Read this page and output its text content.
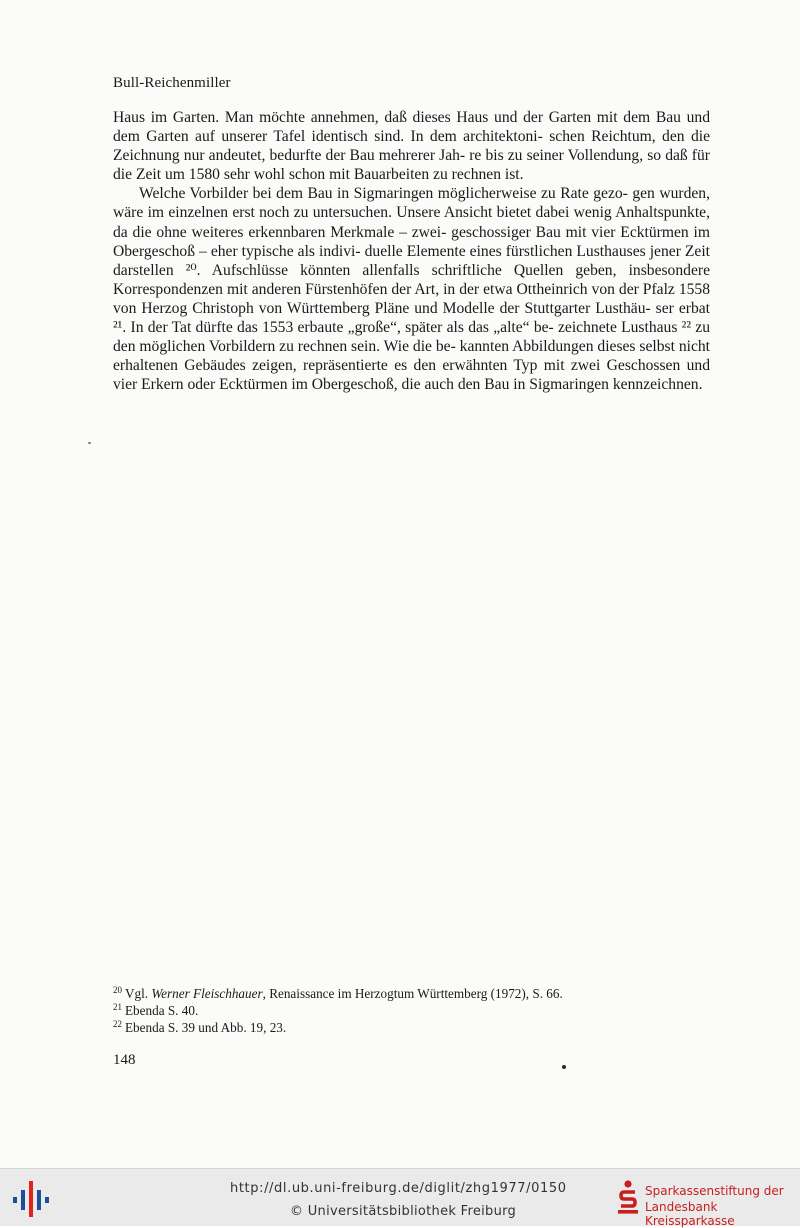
Bull-Reichenmiller

Haus im Garten. Man möchte annehmen, daß dieses Haus und der Garten mit dem Bau und dem Garten auf unserer Tafel identisch sind. In dem architektoni- schen Reichtum, den die Zeichnung nur andeutet, bedurfte der Bau mehrerer Jah- re bis zu seiner Vollendung, so daß für die Zeit um 1580 sehr wohl schon mit Bauarbeiten zu rechnen ist.

Welche Vorbilder bei dem Bau in Sigmaringen möglicherweise zu Rate gezo- gen wurden, wäre im einzelnen erst noch zu untersuchen. Unsere Ansicht bietet dabei wenig Anhaltspunkte, da die ohne weiteres erkennbaren Merkmale – zwei- geschossiger Bau mit vier Ecktürmen im Obergeschoß – eher typische als indivi- duelle Elemente eines fürstlichen Lusthauses jener Zeit darstellen ²⁰. Aufschlüsse könnten allenfalls schriftliche Quellen geben, insbesondere Korrespondenzen mit anderen Fürstenhöfen der Art, in der etwa Ottheinrich von der Pfalz 1558 von Herzog Christoph von Württemberg Pläne und Modelle der Stuttgarter Lusthäu- ser erbat ²¹. In der Tat dürfte das 1553 erbaute „große“, später als das „alte“ be- zeichnete Lusthaus ²² zu den möglichen Vorbildern zu rechnen sein. Wie die be- kannten Abbildungen dieses selbst nicht erhaltenen Gebäudes zeigen, repräsentierte es den erwähnten Typ mit zwei Geschossen und vier Erkern oder Ecktürmen im Obergeschoß, die auch den Bau in Sigmaringen kennzeichnen.

$^{20}$ Vgl. Werner Fleischhauer, Renaissance im Herzogtum Württemberg (1972), S. 66.
$^{21}$ Ebenda S. 40.
$^{22}$ Ebenda S. 39 und Abb. 19, 23.
148
http://dl.ub.uni-freiburg.de/diglit/zhg1977/0150
© Universitätsbibliothek Freiburg
Sparkassenstiftung der
Landesbank Kreissparkasse
